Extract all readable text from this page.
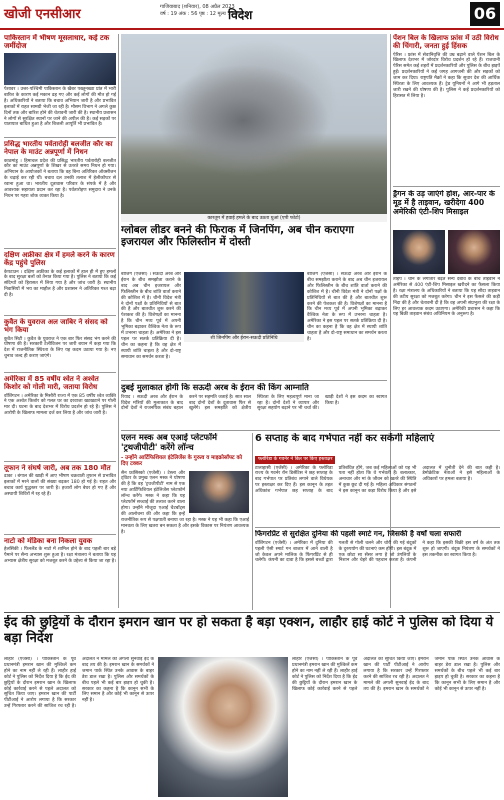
खोजी एनसीआर	गाजियाबाद (शनिवार), 08 अप्रैल 2023
वर्ष : 19 अंक : 56 पृष्ठ : 12 मूल्य : 2 रुपये
विदेश	06
पाकिस्तान में भीषण मूसलाधार, कई टक जमींदोज
पेशावर । उत्तर-पश्चिमी पाकिस्तान के खैबर पख्तूनख्वा प्रांत में भारी बारिश के कारण कई मकान ढह गए और कई लोगों की मौत हो गई है। अधिकारियों ने बताया कि बचाव अभियान जारी है और प्रभावित इलाकों में राहत सामग्री भेजी जा रही है। मौसम विभाग ने अगले कुछ दिनों तक और बारिश होने की चेतावनी जारी की है। स्थानीय प्रशासन ने लोगों से सुरक्षित स्थानों पर जाने की अपील की है। कई सड़कों पर यातायात बाधित हुआ है और बिजली आपूर्ति भी प्रभावित है।
प्रसिद्ध भारतीय पर्वतारोही बलजीत कौर का नेपाल के माउंट अन्नपूर्णा में निधन
काठमांडू । हिमाचल प्रदेश की प्रसिद्ध भारतीय पर्वतारोही बलजीत कौर का माउंट अन्नपूर्णा के शिखर से उतरते समय निधन हो गया। अभियान के आयोजकों ने बताया कि वह बिना अतिरिक्त ऑक्सीजन के चढ़ाई कर रही थीं। बचाव दल उनकी तलाश में हेलीकॉप्टर से रवाना हुआ था। भारतीय दूतावास परिवार के संपर्क में है और आवश्यक सहायता प्रदान कर रहा है। पर्वतारोहण समुदाय ने उनके निधन पर गहरा शोक व्यक्त किया है।
दक्षिण अफ्रीका क्षेत्र में हमले करने के कारण केंद्र पहुंचे पुलिस
केपटाउन । दक्षिण अफ्रीका के कई इलाकों में हाल ही में हुए हमलों के बाद सुरक्षा बलों को तैनात किया गया है। पुलिस ने बताया कि कई संदिग्धों को हिरासत में लिया गया है और जांच जारी है। स्थानीय निवासियों में भय का माहौल है और प्रशासन ने अतिरिक्त गश्त बढ़ा दी है।
कुवैत के युवराज अल जाबिर ने संसद को भंग किया
कुवैत सिटी । कुवैत के युवराज ने एक बार फिर संसद भंग करने की घोषणा की है। सरकारी टेलीविजन पर जारी बयान में कहा गया कि देश में राजनीतिक स्थिरता के लिए यह कदम उठाया गया है। नए चुनाव जल्द ही कराए जाएंगे।
अमेरिका में 85 वर्षीय श्वेत ने अश्वेत किशोर को गोली मारी, जताया विरोध
वॉशिंगटन । अमेरिका के मिसौरी राज्य में एक 85 वर्षीय श्वेत व्यक्ति ने एक अश्वेत किशोर को गलत घर का दरवाजा खटखटाने पर गोली मार दी। घटना के बाद देशभर में विरोध प्रदर्शन हो रहे हैं। पुलिस ने आरोपी के खिलाफ मामला दर्ज कर लिया है और जांच जारी है।
तूफान ने संघर्ष जारी, अब तक 180 मौत
ढाका । बंगाल की खाड़ी में आए भीषण चक्रवाती तूफान से प्रभावित इलाकों में मरने वालों की संख्या बढ़कर 180 हो गई है। राहत और बचाव कार्य युद्धस्तर पर जारी है। हजारों लोग बेघर हो गए हैं और अस्थायी शिविरों में रह रहे हैं।
नाटो को मंडिका बना निकला युवक
हेलसिंकी । फिनलैंड के नाटो में शामिल होने के बाद पहली बार बड़े पैमाने पर सैन्य अभ्यास शुरू हुआ है। रक्षा मंत्रालय ने बताया कि यह अभ्यास क्षेत्रीय सुरक्षा को मजबूत करने के उद्देश्य से किया जा रहा है।
कारतूम में हवाई हमले के बाद उठता धुआं (एपी फोटो)
पेंशन बिल के खिलाफ फ्रांस में उठी विरोध की चिंगारी, जनता हुई हिंसक
पेरिस । फ्रांस में सेवानिवृत्ति की उम्र बढ़ाने वाले पेंशन बिल के खिलाफ देशभर में जोरदार विरोध प्रदर्शन हो रहे हैं। राजधानी पेरिस समेत कई शहरों में प्रदर्शनकारियों और पुलिस के बीच झड़पें हुईं। प्रदर्शनकारियों ने कई जगह आगजनी की और सड़कों को जाम कर दिया। राष्ट्रपति मैक्रों ने कहा कि सुधार देश की आर्थिक स्थिरता के लिए आवश्यक हैं। ट्रेड यूनियनों ने आगे भी हड़ताल जारी रखने की घोषणा की है। पुलिस ने कई प्रदर्शनकारियों को हिरासत में लिया है।
ड्रैगन के उड़ जाएंगे होश, आर-पार के मूड में है ताइवान, खरीदेगा 400 अमेरिकी एंटी-शिप मिसाइल
ताइपे । चीन के लगातार बढ़ते सैन्य दबाव के बीच ताइवान ने अमेरिका से 400 एंटी-शिप मिसाइल खरीदने का फैसला किया है। रक्षा मंत्रालय के अधिकारियों ने बताया कि यह सौदा ताइवान की तटीय सुरक्षा को मजबूत करेगा। चीन ने इस फैसले की कड़ी निंदा की है और चेतावनी दी है कि वह अपनी संप्रभुता की रक्षा के लिए हर आवश्यक कदम उठाएगा। अमेरिकी प्रशासन ने कहा कि यह बिक्री ताइवान संबंध अधिनियम के अनुरूप है।
ग्लोबल लीडर बनने की फिराक में जिनपिंग, अब चीन कराएगा इजरायल और फिलिस्तीन में दोस्ती
बीजिंग (एजेंसी) । सऊदी अरब और ईरान के बीच समझौता कराने के बाद अब चीन इजरायल और फिलिस्तीन के बीच शांति वार्ता कराने की कोशिश में है। चीनी विदेश मंत्री ने दोनों पक्षों के प्रतिनिधियों से बात की है और बातचीत शुरू करने की पेशकश की है। विशेषज्ञों का मानना है कि चीन मध्य पूर्व में अपनी भूमिका बढ़ाकर वैश्विक नेता के रूप में उभरना चाहता है। अमेरिका ने इस पहल पर सतर्क प्रतिक्रिया दी है। चीन का कहना है कि वह क्षेत्र में स्थायी शांति चाहता है और दो-राष्ट्र समाधान का समर्थन करता है।
शी जिनपिंग और ईरान-सऊदी प्रतिनिधि
बीजिंग (एजेंसी) । सऊदी अरब और ईरान के बीच समझौता कराने के बाद अब चीन इजरायल और फिलिस्तीन के बीच शांति वार्ता कराने की कोशिश में है। चीनी विदेश मंत्री ने दोनों पक्षों के प्रतिनिधियों से बात की है और बातचीत शुरू करने की पेशकश की है। विशेषज्ञों का मानना है कि चीन मध्य पूर्व में अपनी भूमिका बढ़ाकर वैश्विक नेता के रूप में उभरना चाहता है। अमेरिका ने इस पहल पर सतर्क प्रतिक्रिया दी है। चीन का कहना है कि वह क्षेत्र में स्थायी शांति चाहता है और दो-राष्ट्र समाधान का समर्थन करता है।
दुबई मुलाकात होगी कि सऊदी अरब के ईरान की किंग आम्नाति
रियाद । सऊदी अरब और ईरान के विदेश मंत्रियों की मुलाकात के बाद दोनों देशों ने राजनयिक संबंध बहाल करने पर सहमति जताई है। सात साल बाद दोनों देशों के दूतावास फिर से खुलेंगे। इस समझौते को क्षेत्रीय स्थिरता के लिए महत्वपूर्ण माना जा रहा है। दोनों देशों ने व्यापार और सुरक्षा सहयोग बढ़ाने पर भी चर्चा की। खाड़ी देशों ने इस कदम का स्वागत किया है।
एलन मस्क अब एआई प्लेटफॉर्म 'ट्रथजीपीटी' करेंगे लॉन्च
- उन्होंने आर्टिफिशियल इंटेलिजेंस के गुरुत्व व माइक्रोसॉफ्ट को दिए टक्कर
सैन फ्रांसिस्को (एजेंसी) । टेस्ला और ट्विटर के प्रमुख एलन मस्क ने घोषणा की है कि वह 'ट्रथजीपीटी' नाम से एक नया आर्टिफिशियल इंटेलिजेंस प्लेटफॉर्म लॉन्च करेंगे। मस्क ने कहा कि यह प्लेटफॉर्म सच्चाई की तलाश करने वाला होगा। उन्होंने मौजूदा एआई चैटबॉट्स की आलोचना की और कहा कि इन्हें राजनीतिक रूप से पक्षपाती बनाया जा रहा है। मस्क ने यह भी कहा कि एआई मानवता के लिए खतरा बन सकता है और इसके विकास पर नियंत्रण आवश्यक है।
6 सप्ताह के बाद गर्भपात नहीं कर सकेंगी महिलाएं
फ्लोरिडा के गवर्नर ने बिल पर किए हस्ताक्षर
टालाहासी (एजेंसी) । अमेरिका के फ्लोरिडा राज्य के गवर्नर रॉन डिसेंटिस ने छह सप्ताह के बाद गर्भपात पर प्रतिबंध लगाने वाले विधेयक पर हस्ताक्षर कर दिए हैं। इस कानून के तहत अधिकांश गर्भपात छह सप्ताह के बाद प्रतिबंधित होंगे, जब कई महिलाओं को यह भी पता नहीं होता कि वे गर्भवती हैं। बलात्कार, अनाचार और मां के जीवन को खतरे की स्थिति में कुछ छूट दी गई है। महिला अधिकार संगठनों ने इस कानून का कड़ा विरोध किया है और इसे अदालत में चुनौती देने की बात कही है। डेमोक्रेटिक नेताओं ने इसे महिलाओं के अधिकारों पर हमला बताया है।
फिंगरप्रिंट से सुरक्षित दुनिया की पहली स्मार्ट गन, जिसकी है वर्षों चला सफारी
वॉशिंगटन (एजेंसी) । अमेरिका में दुनिया की पहली ऐसी स्मार्ट गन बाजार में आने वाली है जो केवल अपने मालिक के फिंगरप्रिंट से ही चलेगी। कंपनी का दावा है कि इससे बच्चों द्वारा गलती से गोली चलने और चोरी की गई बंदूकों के दुरुपयोग की घटनाएं कम होंगी। इस बंदूक में एक छोटा सा सेंसर लगा है जो उंगलियों के निशान और चेहरे की पहचान करता है। कंपनी ने कहा कि इसकी बिक्री इस वर्ष के अंत तक शुरू हो जाएगी। बंदूक नियंत्रण के समर्थकों ने इस तकनीक का स्वागत किया है।
ईद की छुट्टियों के दौरान इमरान खान पर हो सकता है बड़ा एक्शन, लाहौर हाई कोर्ट ने पुलिस को दिया ये बड़ा निर्देश
लाहौर (एजेंसी) । पाकिस्तान के पूर्व प्रधानमंत्री इमरान खान की मुश्किलें कम होने का नाम नहीं ले रही हैं। लाहौर हाई कोर्ट ने पुलिस को निर्देश दिया है कि ईद की छुट्टियों के दौरान इमरान खान के खिलाफ कोई कार्रवाई करने से पहले अदालत को सूचित किया जाए। इमरान खान की पार्टी पीटीआई ने आरोप लगाया है कि सरकार उन्हें गिरफ्तार करने की साजिश रच रही है। अदालत ने मामले की अगली सुनवाई ईद के बाद तय की है। इमरान खान के समर्थकों ने जमान पार्क स्थित उनके आवास के बाहर डेरा डाल रखा है। पुलिस और समर्थकों के बीच पहले भी कई बार झड़प हो चुकी है। सरकार का कहना है कि कानून सभी के लिए समान है और कोई भी कानून से ऊपर नहीं है।
लाहौर (एजेंसी) । पाकिस्तान के पूर्व प्रधानमंत्री इमरान खान की मुश्किलें कम होने का नाम नहीं ले रही हैं। लाहौर हाई कोर्ट ने पुलिस को निर्देश दिया है कि ईद की छुट्टियों के दौरान इमरान खान के खिलाफ कोई कार्रवाई करने से पहले अदालत को सूचित किया जाए। इमरान खान की पार्टी पीटीआई ने आरोप लगाया है कि सरकार उन्हें गिरफ्तार करने की साजिश रच रही है। अदालत ने मामले की अगली सुनवाई ईद के बाद तय की है। इमरान खान के समर्थकों ने जमान पार्क स्थित उनके आवास के बाहर डेरा डाल रखा है। पुलिस और समर्थकों के बीच पहले भी कई बार झड़प हो चुकी है। सरकार का कहना है कि कानून सभी के लिए समान है और कोई भी कानून से ऊपर नहीं है।
